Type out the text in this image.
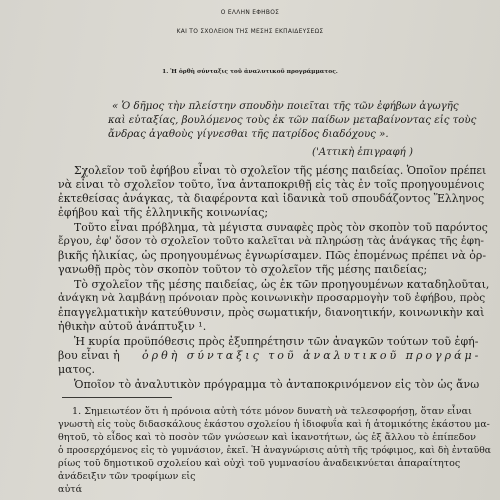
Ο ΕΛΛΗΝ ΕΦΗΒΟΣ
ΚΑΙ ΤΟ ΣΧΟΛΕΙΟΝ ΤΗΣ ΜΕΣΗΣ ΕΚΠΑΙΔΕΥΣΕΩΣ
1. Ἡ ὀρθὴ σύνταξις τοῦ ἀναλυτικοῦ προγράμματος.
« Ὁ δῆμος τὴν πλείστην σπουδὴν ποιεῖται τῆς τῶν ἐφήβων ἀγωγῆς
καὶ εὐταξίας, βουλόμενος τοὺς ἐκ τῶν παίδων μεταβαίνοντας εἰς τοὺς
ἄνδρας ἀγαθοὺς γίγνεσθαι τῆς πατρίδος διαδόχους ».
('Αττικὴ ἐπιγραφή )
Σχολεῖον τοῦ ἐφήβου εἶναι τὸ σχολεῖον τῆς μέσης παιδείας. Ὁποῖον πρέπει
νὰ εἶναι τὸ σχολεῖον τοῦτο, ἵνα ἀνταποκριθῇ εἰς τὰς ἐν τοῖς προηγουμένοις
ἐκτεθείσας ἀνάγκας, τὰ διαφέροντα καὶ ἰδανικὰ τοῦ σπουδάζοντος Ἕλληνος
ἐφήβου καὶ τῆς ἑλληνικῆς κοινωνίας;
Τοῦτο εἶναι πρόβλημα, τὰ μέγιστα συναφὲς πρὸς τὸν σκοπὸν τοῦ παρόντος
ἔργου, ἐφ' ὅσον τὸ σχολεῖον τοῦτο καλεῖται νὰ πληρώσῃ τὰς ἀνάγκας τῆς ἐφη-
βικῆς ἡλικίας, ὡς προηγουμένως ἐγνωρίσαμεν. Πῶς ἑπομένως πρέπει νὰ ὀρ-
γανωθῇ πρὸς τὸν σκοπὸν τοῦτον τὸ σχολεῖον τῆς μέσης παιδείας;
Τὸ σχολεῖον τῆς μέσης παιδείας, ὡς ἐκ τῶν προηγουμένων καταδηλοῦται,
ἀνάγκη νὰ λαμβάνῃ πρόνοιαν πρὸς κοινωνικὴν προσαρμογὴν τοῦ ἐφήβου, πρὸς
ἐπαγγελματικὴν κατεύθυνσιν, πρὸς σωματικήν, διανοητικήν, κοινωνικὴν καὶ
ἠθικὴν αὐτοῦ ἀνάπτυξιν ¹.
Ἡ κυρία προϋπόθεσις πρὸς ἐξυπηρέτησιν τῶν ἀναγκῶν τούτων τοῦ ἐφή-
βου εἶναι ἡ ὀρθὴ σύνταξις τοῦ ἀναλυτικοῦ προγράμ-
ματος.
Ὁποῖον τὸ ἀναλυτικὸν πρόγραμμα τὸ ἀνταποκρινόμενον εἰς τὸν ὡς ἄνω
1. Σημειωτέον ὅτι ἡ πρόνοια αὐτὴ τότε μόνον δυνατὴ νὰ τελεσφορήσῃ, ὅταν εἶναι
γνωστὴ εἰς τοὺς διδασκάλους ἑκάστου σχολείου ἡ ἰδιοφυΐα καὶ ἡ ἀτομικότης ἑκάστου μα-
θητοῦ, τὸ εἶδος καὶ τὸ ποσὸν τῶν γνώσεων καὶ ἱκανοτήτων, ὡς ἐξ ἄλλου τὸ ἐπίπεδον
ὁ προσερχόμενος εἰς τὸ γυμνάσιον, ἐκεῖ. Ἡ ἀναγνώρισις αὐτὴ τῆς τρόφιμος, καὶ δὴ ἐνταῦθα
ρίως τοῦ δημοτικοῦ σχολείου καὶ οὐχὶ τοῦ γυμνασίου ἀναδεικνύεται ἀπαραίτητος
ἀνάδειξιν τῶν τροφίμων εἰς
αὐτά
